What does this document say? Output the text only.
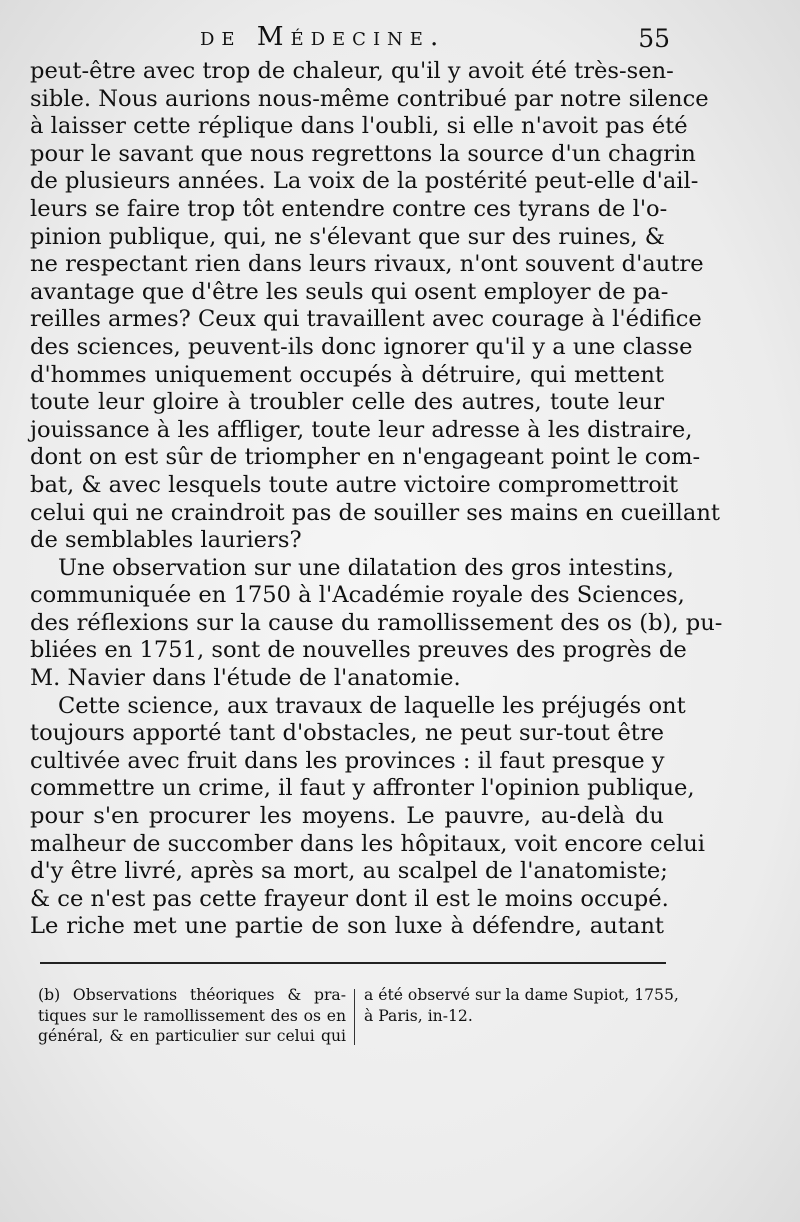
de Médecine.	55
peut-être avec trop de chaleur, qu'il y avoit été très-sen-
sible. Nous aurions nous-même contribué par notre silence
à laisser cette réplique dans l'oubli, si elle n'avoit pas été
pour le savant que nous regrettons la source d'un chagrin
de plusieurs années. La voix de la postérité peut-elle d'ail-
leurs se faire trop tôt entendre contre ces tyrans de l'o-
pinion publique, qui, ne s'élevant que sur des ruines, &
ne respectant rien dans leurs rivaux, n'ont souvent d'autre
avantage que d'être les seuls qui osent employer de pa-
reilles armes? Ceux qui travaillent avec courage à l'édifice
des sciences, peuvent-ils donc ignorer qu'il y a une classe
d'hommes uniquement occupés à détruire, qui mettent
toute leur gloire à troubler celle des autres, toute leur
jouissance à les affliger, toute leur adresse à les distraire,
dont on est sûr de triompher en n'engageant point le com-
bat, & avec lesquels toute autre victoire compromettroit
celui qui ne craindroit pas de souiller ses mains en cueillant
de semblables lauriers?
Une observation sur une dilatation des gros intestins,
communiquée en 1750 à l'Académie royale des Sciences,
des réflexions sur la cause du ramollissement des os (b), pu-
bliées en 1751, sont de nouvelles preuves des progrès de
M. Navier dans l'étude de l'anatomie.
Cette science, aux travaux de laquelle les préjugés ont
toujours apporté tant d'obstacles, ne peut sur-tout être
cultivée avec fruit dans les provinces : il faut presque y
commettre un crime, il faut y affronter l'opinion publique,
pour s'en procurer les moyens. Le pauvre, au-delà du
malheur de succomber dans les hôpitaux, voit encore celui
d'y être livré, après sa mort, au scalpel de l'anatomiste;
& ce n'est pas cette frayeur dont il est le moins occupé.
Le riche met une partie de son luxe à défendre, autant
(b) Observations théoriques & pra-
tiques sur le ramollissement des os en
général, & en particulier sur celui qui
a été observé sur la dame Supiot, 1755,
à Paris, in-12.
